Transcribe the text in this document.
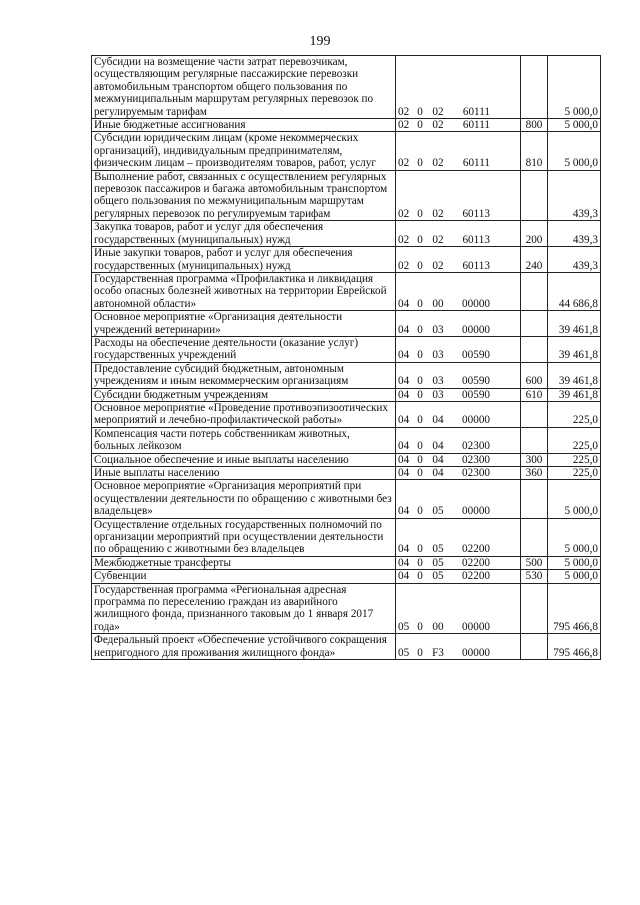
199
Субсидии на возмещение части затрат перевозчикам, осуществляющим регулярные пассажирские перевозки автомобильным транспортом общего пользования по межмуниципальным маршрутам регулярных перевозок по регулируемым тарифам	02 0 02 60111		5 000,0
Иные бюджетные ассигнования	02 0 02 60111	800	5 000,0
Субсидии юридическим лицам (кроме некоммерческих организаций), индивидуальным предпринимателям, физическим лицам – производителям товаров, работ, услуг	02 0 02 60111	810	5 000,0
Выполнение работ, связанных с осуществлением регулярных перевозок пассажиров и багажа автомобильным транспортом общего пользования по межмуниципальным маршрутам регулярных перевозок по регулируемым тарифам	02 0 02 60113		439,3
Закупка товаров, работ и услуг для обеспечения государственных (муниципальных) нужд	02 0 02 60113	200	439,3
Иные закупки товаров, работ и услуг для обеспечения государственных (муниципальных) нужд	02 0 02 60113	240	439,3
Государственная программа «Профилактика и ликвидация особо опасных болезней животных на территории Еврейской автономной области»	04 0 00 00000		44 686,8
Основное мероприятие «Организация деятельности учреждений ветеринарии»	04 0 03 00000		39 461,8
Расходы на обеспечение деятельности (оказание услуг) государственных учреждений	04 0 03 00590		39 461,8
Предоставление субсидий бюджетным, автономным учреждениям и иным некоммерческим организациям	04 0 03 00590	600	39 461,8
Субсидии бюджетным учреждениям	04 0 03 00590	610	39 461,8
Основное мероприятие «Проведение противоэпизоотических мероприятий и лечебно-профилактической работы»	04 0 04 00000		225,0
Компенсация части потерь собственникам животных, больных лейкозом	04 0 04 02300		225,0
Социальное обеспечение и иные выплаты населению	04 0 04 02300	300	225,0
Иные выплаты населению	04 0 04 02300	360	225,0
Основное мероприятие «Организация мероприятий при осуществлении деятельности по обращению с животными без владельцев»	04 0 05 00000		5 000,0
Осуществление отдельных государственных полномочий по организации мероприятий при осуществлении деятельности по обращению с животными без владельцев	04 0 05 02200		5 000,0
Межбюджетные трансферты	04 0 05 02200	500	5 000,0
Субвенции	04 0 05 02200	530	5 000,0
Государственная программа «Региональная адресная программа по переселению граждан из аварийного жилищного фонда, признанного таковым до 1 января 2017 года»	05 0 00 00000		795 466,8
Федеральный проект «Обеспечение устойчивого сокращения непригодного для проживания жилищного фонда»	05 0 F3 00000		795 466,8
